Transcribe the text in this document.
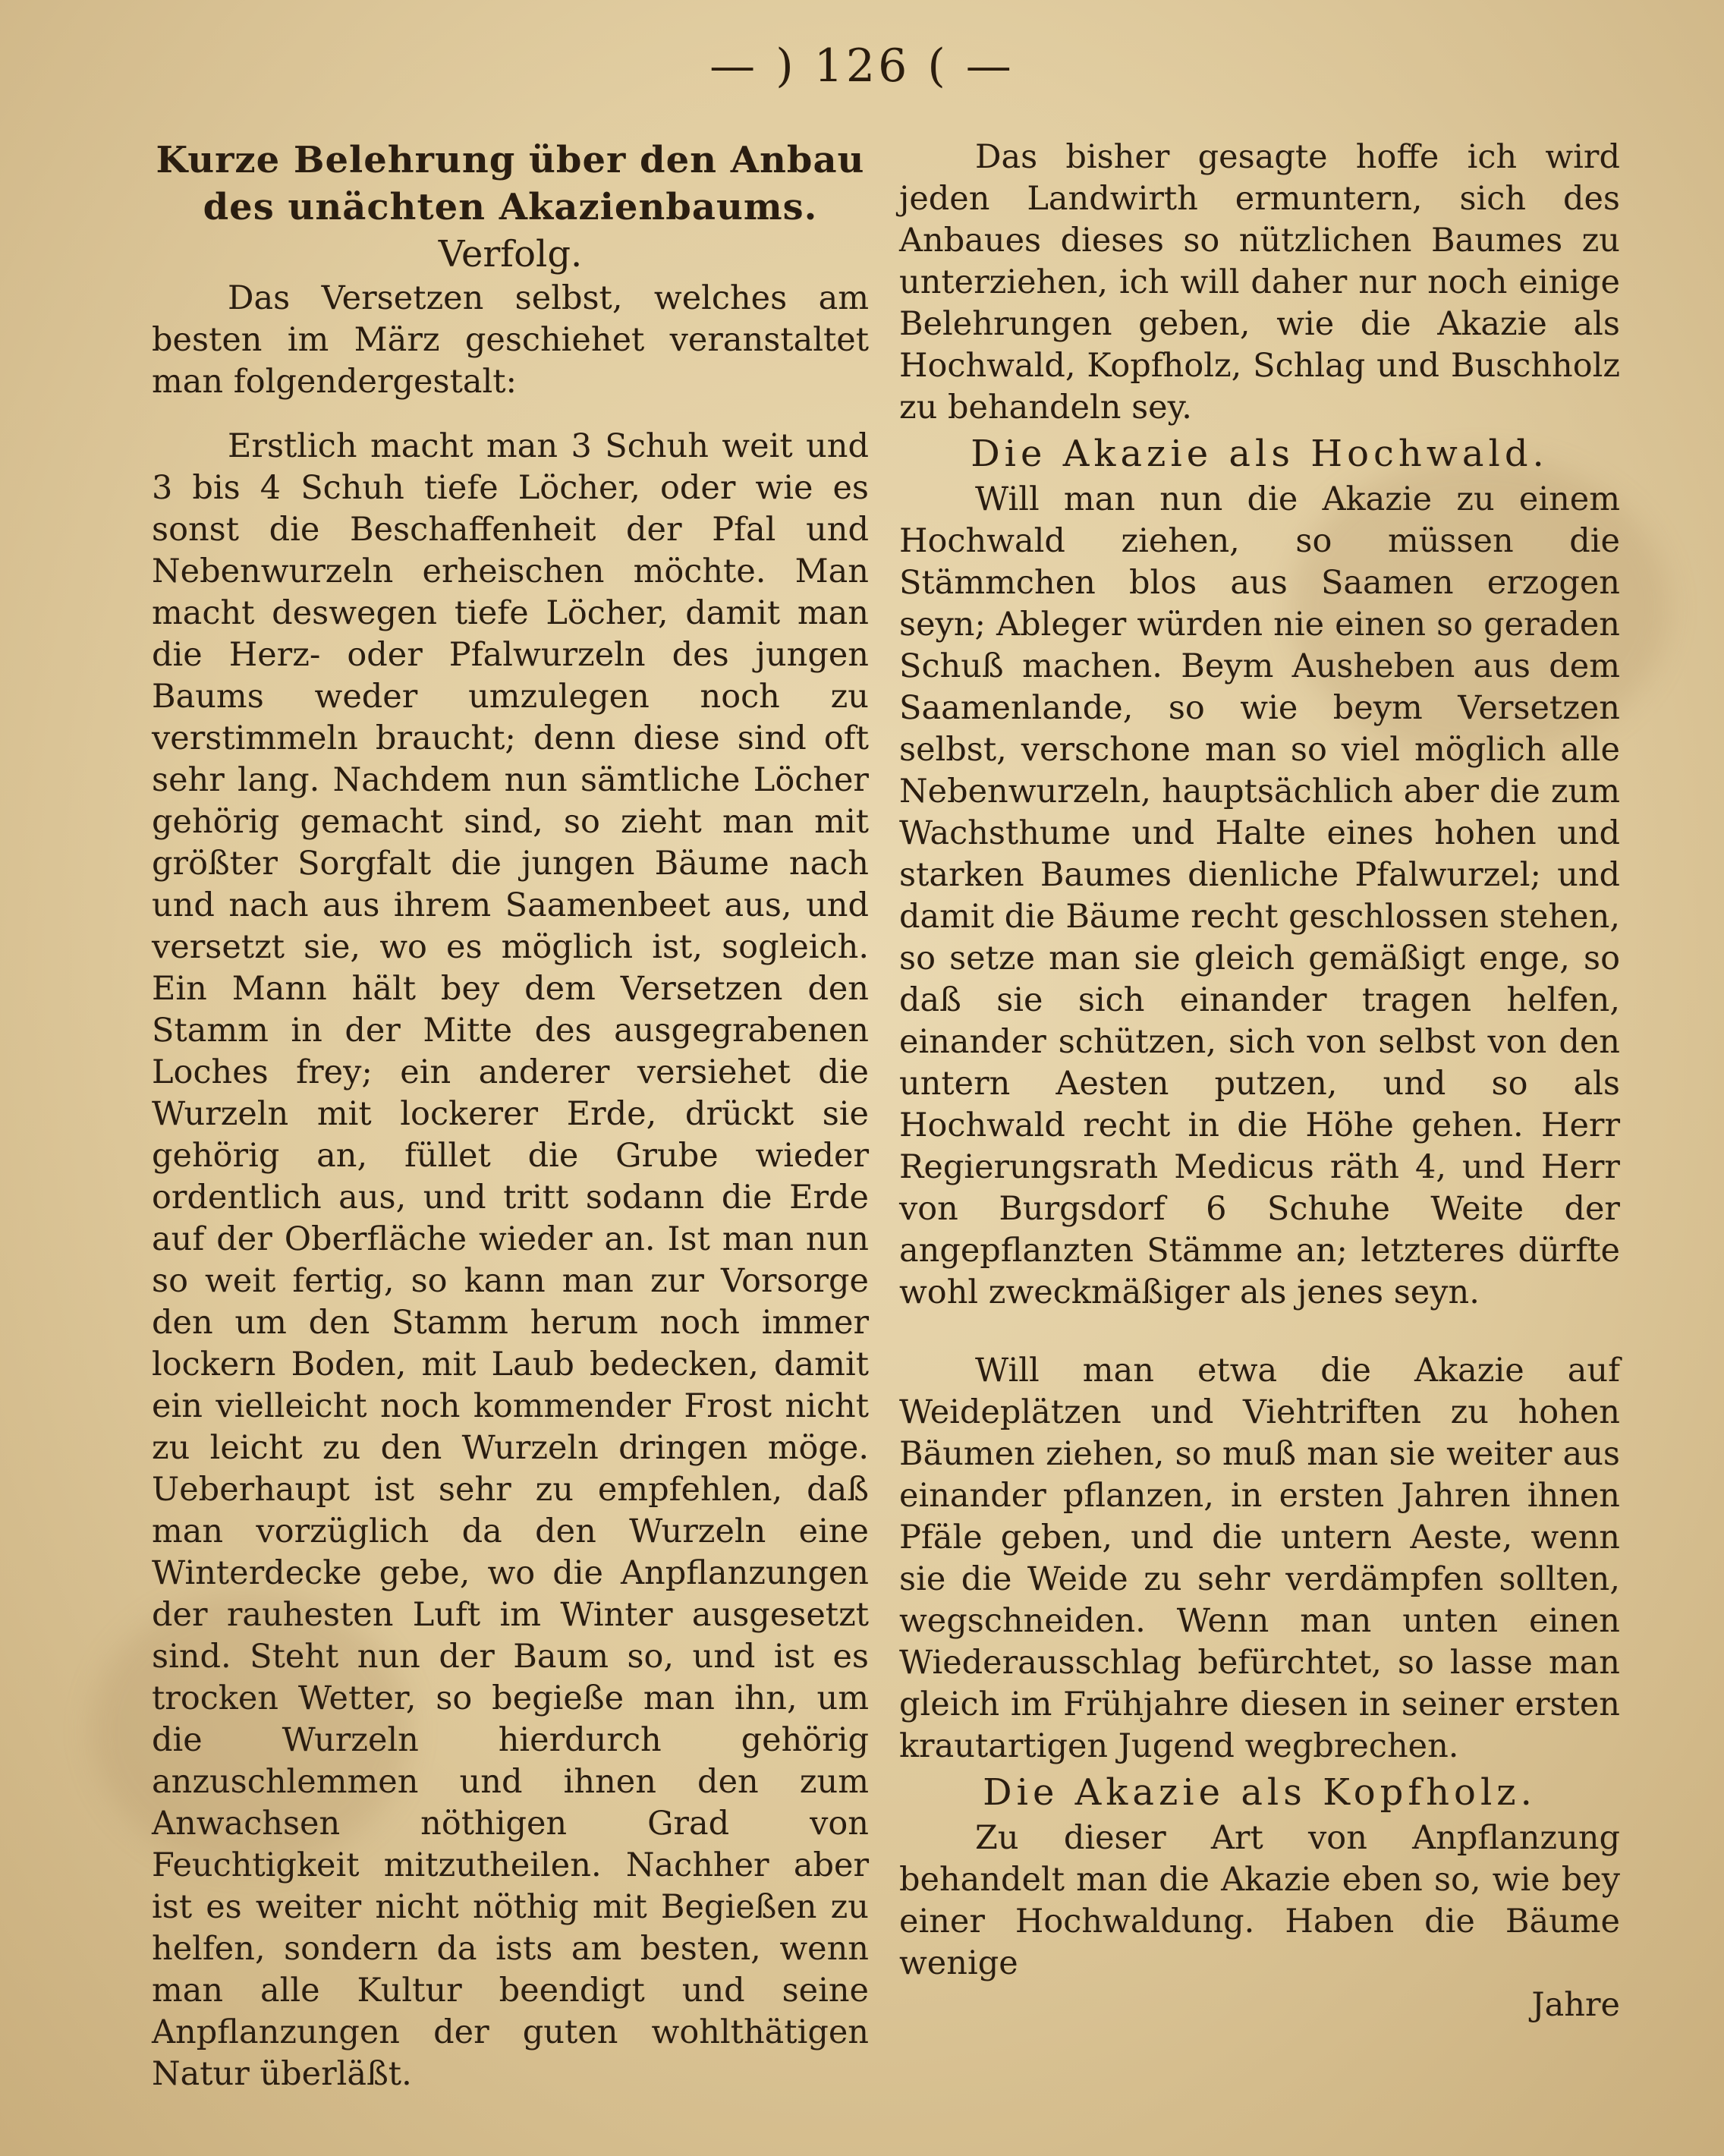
— ) 126 ( —

Kurze Belehrung über den Anbau des unächten Akazienbaums.

Verfolg.

Das Versetzen selbst, welches am besten im März geschiehet veranstaltet man folgendergestalt:

Erstlich macht man 3 Schuh weit und 3 bis 4 Schuh tiefe Löcher, oder wie es sonst die Beschaffenheit der Pfal und Nebenwurzeln erheischen möchte. Man macht deswegen tiefe Löcher, damit man die Herz- oder Pfalwurzeln des jungen Baums weder umzulegen noch zu verstimmeln braucht; denn diese sind oft sehr lang. Nachdem nun sämtliche Löcher gehörig gemacht sind, so zieht man mit größter Sorgfalt die jungen Bäume nach und nach aus ihrem Saamenbeet aus, und versetzt sie, wo es möglich ist, sogleich. Ein Mann hält bey dem Versetzen den Stamm in der Mitte des ausgegrabenen Loches frey; ein anderer versiehet die Wurzeln mit lockerer Erde, drückt sie gehörig an, füllet die Grube wieder ordentlich aus, und tritt sodann die Erde auf der Oberfläche wieder an. Ist man nun so weit fertig, so kann man zur Vorsorge den um den Stamm herum noch immer lockern Boden, mit Laub bedecken, damit ein vielleicht noch kommender Frost nicht zu leicht zu den Wurzeln dringen möge. Ueberhaupt ist sehr zu empfehlen, daß man vorzüglich da den Wurzeln eine Winterdecke gebe, wo die Anpflanzungen der rauhesten Luft im Winter ausgesetzt sind. Steht nun der Baum so, und ist es trocken Wetter, so begieße man ihn, um die Wurzeln hierdurch gehörig anzuschlemmen und ihnen den zum Anwachsen nöthigen Grad von Feuchtigkeit mitzutheilen. Nachher aber ist es weiter nicht nöthig mit Begießen zu helfen, sondern da ists am besten, wenn man alle Kultur beendigt und seine Anpflanzungen der guten wohlthätigen Natur überläßt.

Das bisher gesagte hoffe ich wird jeden Landwirth ermuntern, sich des Anbaues dieses so nützlichen Baumes zu unterziehen, ich will daher nur noch einige Belehrungen geben, wie die Akazie als Hochwald, Kopfholz, Schlag und Buschholz zu behandeln sey.

Die Akazie als Hochwald.

Will man nun die Akazie zu einem Hochwald ziehen, so müssen die Stämmchen blos aus Saamen erzogen seyn; Ableger würden nie einen so geraden Schuß machen. Beym Ausheben aus dem Saamenlande, so wie beym Versetzen selbst, verschone man so viel möglich alle Nebenwurzeln, hauptsächlich aber die zum Wachsthume und Halte eines hohen und starken Baumes dienliche Pfalwurzel; und damit die Bäume recht geschlossen stehen, so setze man sie gleich gemäßigt enge, so daß sie sich einander tragen helfen, einander schützen, sich von selbst von den untern Aesten putzen, und so als Hochwald recht in die Höhe gehen. Herr Regierungsrath Medicus räth 4, und Herr von Burgsdorf 6 Schuhe Weite der angepflanzten Stämme an; letzteres dürfte wohl zweckmäßiger als jenes seyn.

Will man etwa die Akazie auf Weideplätzen und Viehtriften zu hohen Bäumen ziehen, so muß man sie weiter aus einander pflanzen, in ersten Jahren ihnen Pfäle geben, und die untern Aeste, wenn sie die Weide zu sehr verdämpfen sollten, wegschneiden. Wenn man unten einen Wiederausschlag befürchtet, so lasse man gleich im Frühjahre diesen in seiner ersten krautartigen Jugend wegbrechen.

Die Akazie als Kopfholz.

Zu dieser Art von Anpflanzung behandelt man die Akazie eben so, wie bey einer Hochwaldung. Haben die Bäume wenige

Jahre
